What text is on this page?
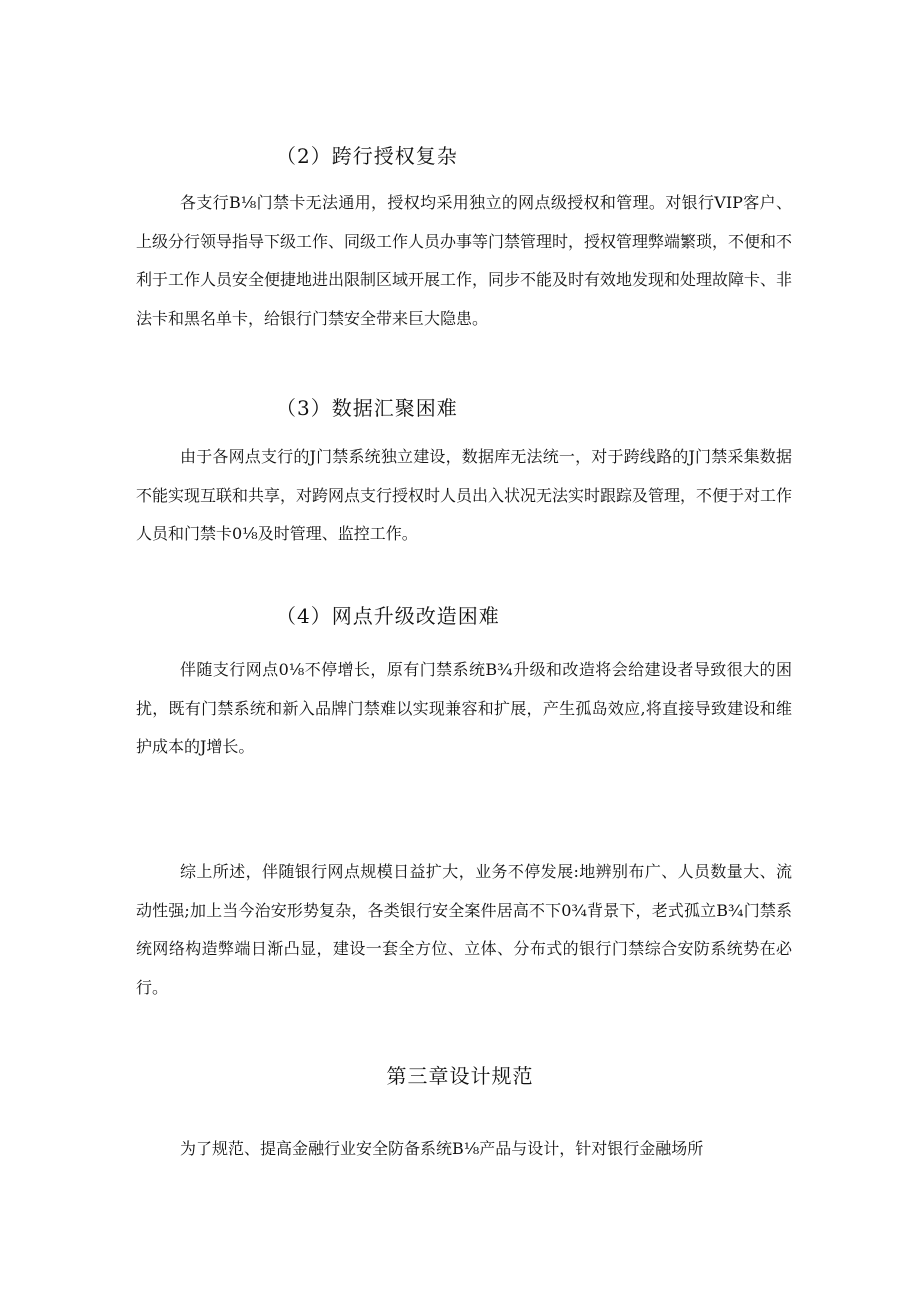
（2）跨行授权复杂
各支行B⅛门禁卡无法通用，授权均采用独立的网点级授权和管理。对银行VIP客户、上级分行领导指导下级工作、同级工作人员办事等门禁管理时，授权管理弊端繁琐，不便和不利于工作人员安全便捷地进出限制区域开展工作，同步不能及时有效地发现和处理故障卡、非法卡和黑名单卡，给银行门禁安全带来巨大隐患。
（3）数据汇聚困难
由于各网点支行的J门禁系统独立建设，数据库无法统一，对于跨线路的J门禁采集数据不能实现互联和共享，对跨网点支行授权时人员出入状况无法实时跟踪及管理，不便于对工作人员和门禁卡0⅛及时管理、监控工作。
（4）网点升级改造困难
伴随支行网点0⅛不停增长，原有门禁系统B¾升级和改造将会给建设者导致很大的困扰，既有门禁系统和新入品牌门禁难以实现兼容和扩展，产生孤岛效应,将直接导致建设和维护成本的J增长。
综上所述，伴随银行网点规模日益扩大，业务不停发展:地辨别布广、人员数量大、流动性强;加上当今治安形势复杂，各类银行安全案件居高不下0¾背景下，老式孤立B¾门禁系统网络构造弊端日渐凸显，建设一套全方位、立体、分布式的银行门禁综合安防系统势在必行。
第三章设计规范
为了规范、提高金融行业安全防备系统B⅛产品与设计，针对银行金融场所
